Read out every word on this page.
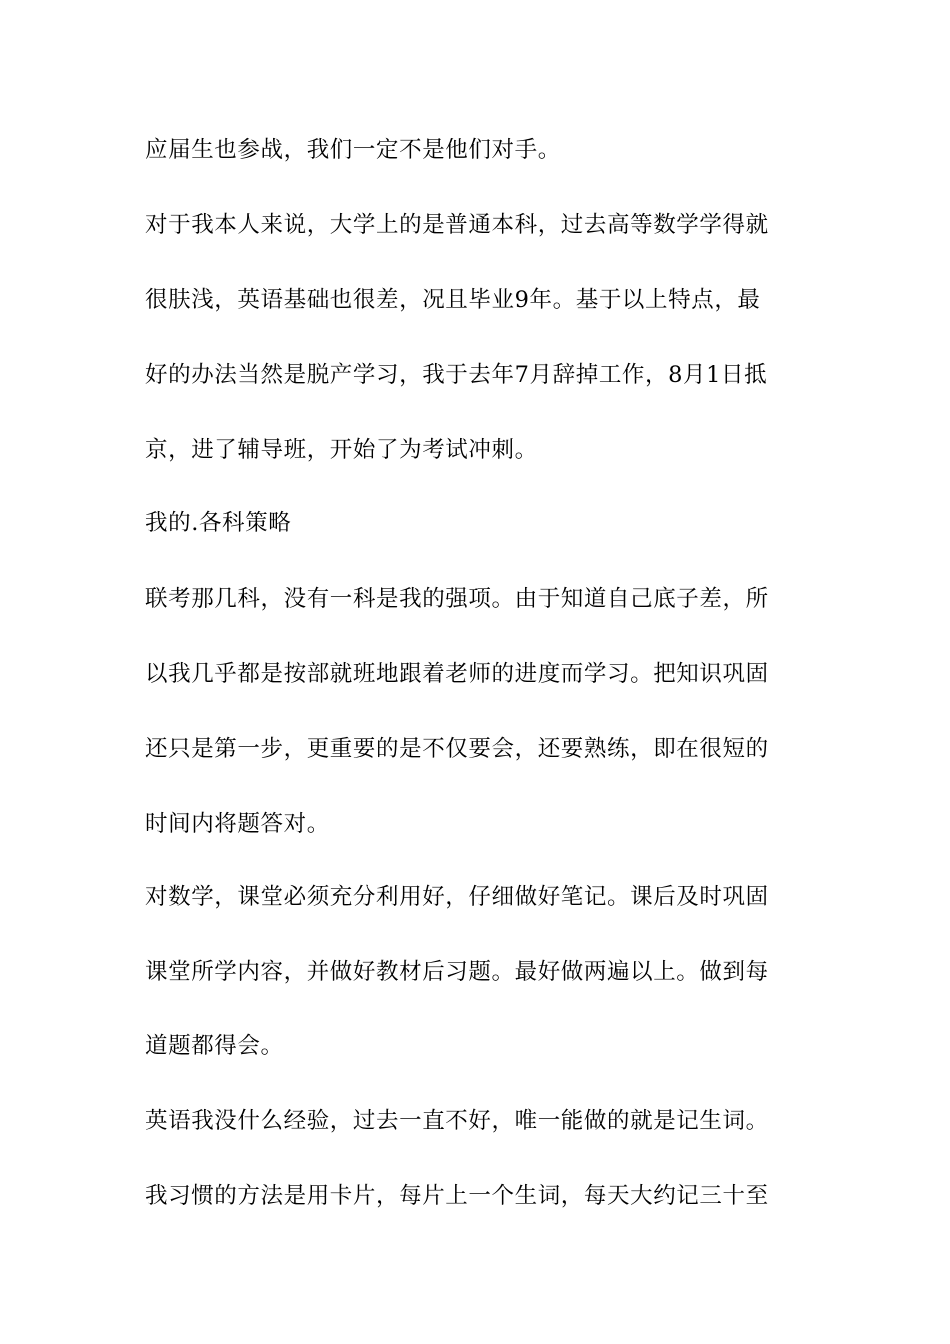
应届生也参战，我们一定不是他们对手。
对于我本人来说，大学上的是普通本科，过去高等数学学得就
很肤浅，英语基础也很差，况且毕业9年。基于以上特点，最
好的办法当然是脱产学习，我于去年7月辞掉工作，8月1日抵
京，进了辅导班，开始了为考试冲刺。
我的.各科策略
联考那几科，没有一科是我的强项。由于知道自己底子差，所
以我几乎都是按部就班地跟着老师的进度而学习。把知识巩固
还只是第一步，更重要的是不仅要会，还要熟练，即在很短的
时间内将题答对。
对数学，课堂必须充分利用好，仔细做好笔记。课后及时巩固
课堂所学内容，并做好教材后习题。最好做两遍以上。做到每
道题都得会。
英语我没什么经验，过去一直不好，唯一能做的就是记生词。
我习惯的方法是用卡片，每片上一个生词，每天大约记三十至
